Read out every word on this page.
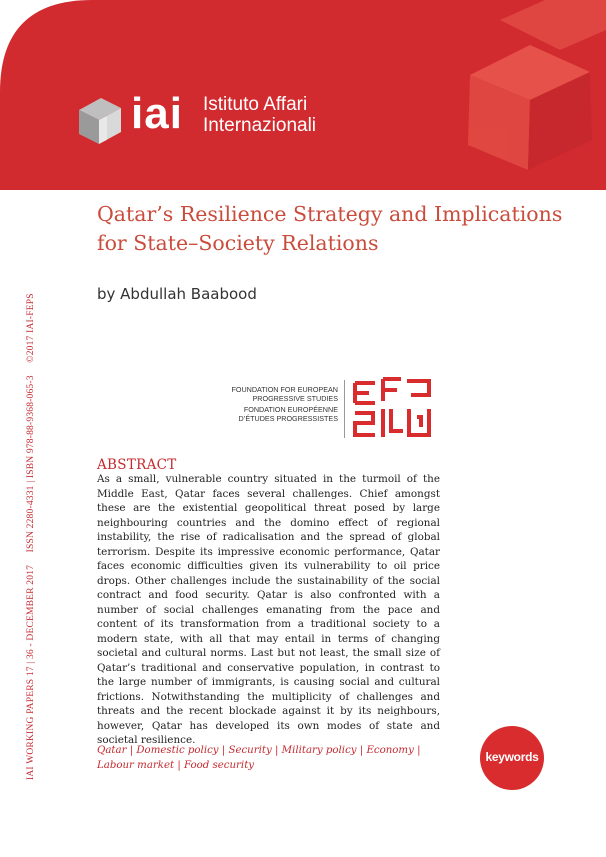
iai Istituto Affari
Internazionali
IAI WORKING PAPERS 17 | 36 - DECEMBER 2017 ISSN 2280-4331 | ISBN 978-88-9368-065-3 ©2017 IAI-FEPS
Qatar’s Resilience Strategy and Implications for State–Society Relations
by Abdullah Baabood
FOUNDATION FOR EUROPEAN
PROGRESSIVE STUDIES
FONDATION EUROPÉENNE
D’ÉTUDES PROGRESSISTES
ABSTRACT

As a small, vulnerable country situated in the turmoil of the Middle East, Qatar faces several challenges. Chief amongst these are the existential geopolitical threat posed by large neighbouring countries and the domino effect of regional instability, the rise of radicalisation and the spread of global terrorism. Despite its impressive economic performance, Qatar faces economic difficulties given its vulnerability to oil price drops. Other challenges include the sustainability of the social contract and food security. Qatar is also confronted with a number of social challenges emanating from the pace and content of its transformation from a traditional society to a modern state, with all that may entail in terms of changing societal and cultural norms. Last but not least, the small size of Qatar’s traditional and conservative population, in contrast to the large number of immigrants, is causing social and cultural frictions. Notwithstanding the multiplicity of challenges and threats and the recent blockade against it by its neighbours, however, Qatar has developed its own modes of state and societal resilience.

Qatar | Domestic policy | Security | Military policy | Economy | Labour market | Food security
keywords
